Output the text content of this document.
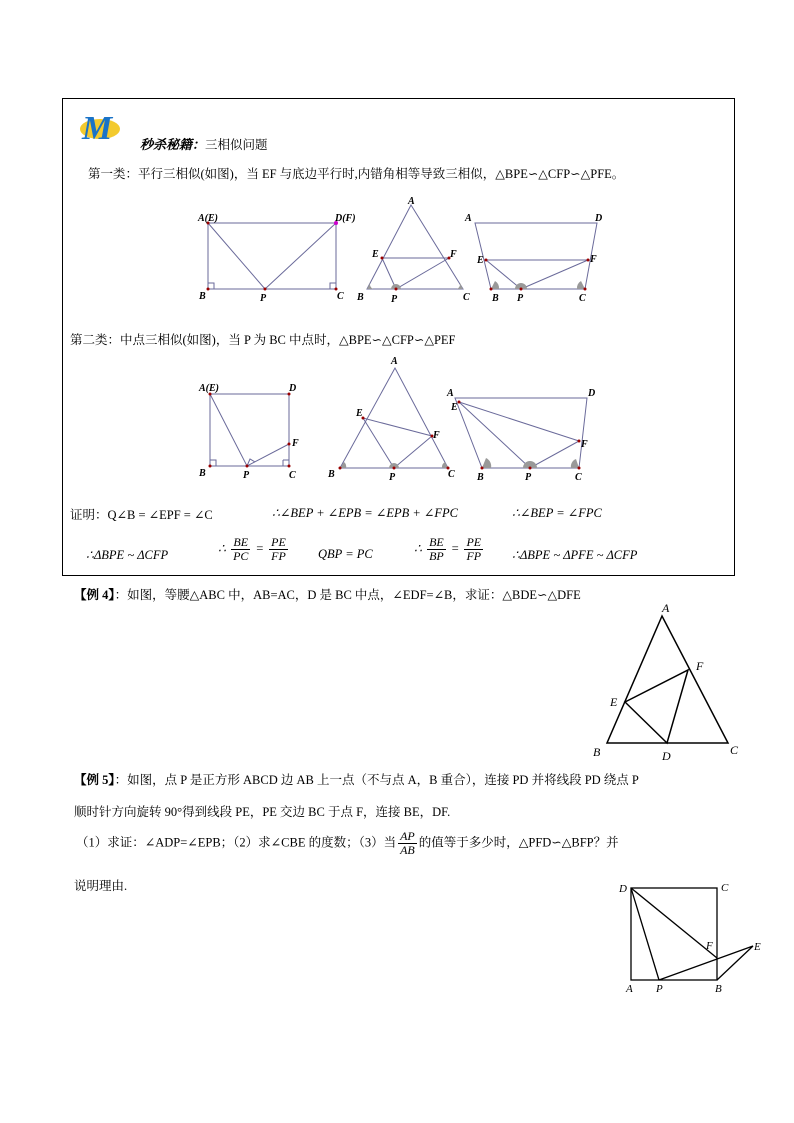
M 秒杀秘籍：三相似问题
第一类：平行三相似(如图)，当 EF 与底边平行时,内错角相等导致三相似，△BPE∽△CFP∽△PFE。
A(E)	D(F)
B	P	C
A
E	F
B	P	C
A	D
E	F
B P	C
第二类：中点三相似(如图)，当 P 为 BC 中点时，△BPE∽△CFP∽△PEF
A(E)	D
F
B	P	C
A
E
F
B	P	C
A
E
D
F
B	P	C
证明：Q∠B = ∠EPF = ∠C	∴∠BEP + ∠EPB = ∠EPB + ∠FPC	∴∠BEP = ∠FPC
∴ΔBPE ~ ΔCFP	∴ $\frac{BE}{PC} = \frac{PE}{FP}$ QBP = PC	∴ $\frac{BE}{BP} = \frac{PE}{FP}$ ∴ΔBPE ~ ΔPFE ~ ΔCFP
【例 4】：如图，等腰△ABC 中，AB=AC，D 是 BC 中点，∠EDF=∠B，求证：△BDE∽△DFE
A
F
E
B	D	C
【例 5】：如图，点 P 是正方形 ABCD 边 AB 上一点（不与点 A，B 重合），连接 PD 并将线段 PD 绕点 P
顺时针方向旋转 90°得到线段 PE，PE 交边 BC 于点 F，连接 BE，DF.
（1）求证：∠ADP=∠EPB；（2）求∠CBE 的度数；（3）当 $\frac{AP}{AB}$ 的值等于多少时，△PFD∽△BFP？并
说明理由.	D	C
F	E
A P	B
